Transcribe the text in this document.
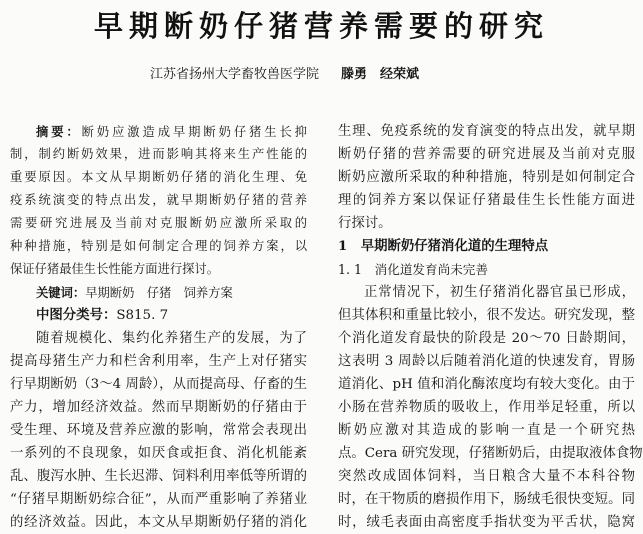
早期断奶仔猪营养需要的研究
江苏省扬州大学畜牧兽医学院 滕勇　经荣斌
摘要：断奶应激造成早期断奶仔猪生长抑
制，制约断奶效果，进而影响其将来生产性能的
重要原因。本文从早期断奶仔猪的消化生理、免
疫系统演变的特点出发，就早期断奶仔猪的营养
需要研究进展及当前对克服断奶应激所采取的
种种措施，特别是如何制定合理的饲养方案，以
保证仔猪最佳生长性能方面进行探讨。
关键词：早期断奶　仔猪　饲养方案
中图分类号：S815. 7
随着规模化、集约化养猪生产的发展，为了
提高母猪生产力和栏舍利用率，生产上对仔猪实
行早期断奶（3～4 周龄），从而提高母、仔畜的生
产力，增加经济效益。然而早期断奶的仔猪由于
受生理、环境及营养应激的影响，常常会表现出
一系列的不良现象，如厌食或拒食、消化机能紊
乱、腹泻水肿、生长迟滞、饲料利用率低等所谓的
“仔猪早期断奶综合征”，从而严重影响了养猪业
的经济效益。因此，本文从早期断奶仔猪的消化
生理、免疫系统的发育演变的特点出发，就早期
断奶仔猪的营养需要的研究进展及当前对克服
断奶应激所采取的种种措施，特别是如何制定合
理的饲养方案以保证仔猪最佳生长性能方面进
行探讨。
1　早期断奶仔猪消化道的生理特点
1. 1　消化道发育尚未完善
正常情况下，初生仔猪消化器官虽已形成，
但其体积和重量比较小，很不发达。研究发现，整
个消化道发育最快的阶段是 20～70 日龄期间，
这表明 3 周龄以后随着消化道的快速发育，胃肠
道消化、pH 值和消化酶浓度均有较大变化。由于
小肠在营养物质的吸收上，作用举足轻重，所以
断奶应激对其造成的影响一直是一个研究热
点。Cera 研究发现，仔猪断奶后，由提取液体食物
突然改成固体饲料，当日粮含大量不本科谷物
时，在干物质的磨损作用下，肠绒毛很快变短。同
时，绒毛表面由高密度手指状变为平舌状，隐窝
